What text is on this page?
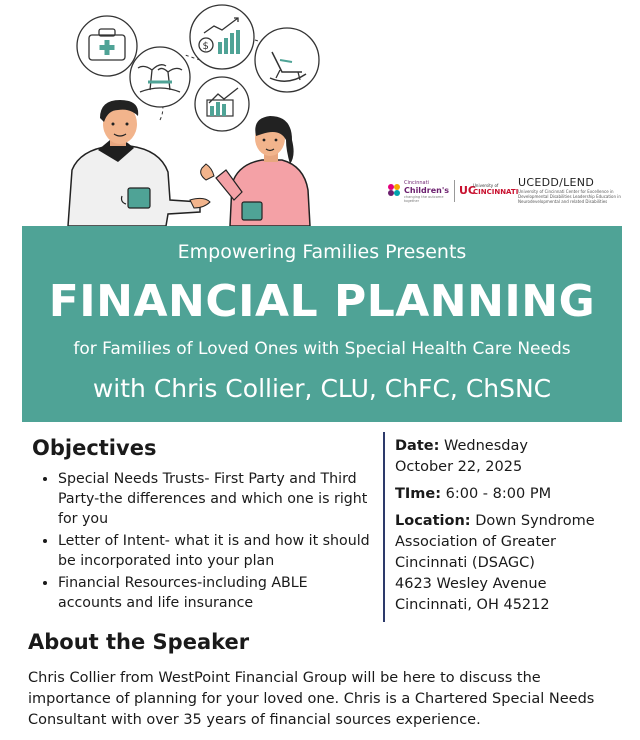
$
Cincinnati
Children's
changing the outcome together
UC
University of
CINCINNATI
UCEDD/LEND
University of Cincinnati Center for Excellence in Developmental Disabilities Leadership Education in Neurodevelopmental and related Disabilities
Empowering Families Presents
FINANCIAL PLANNING
for Families of Loved Ones with Special Health Care Needs
with Chris Collier, CLU, ChFC, ChSNC
Objectives
• Special Needs Trusts- First Party and Third Party-the differences and which one is right for you
• Letter of Intent- what it is and how it should be incorporated into your plan
• Financial Resources-including ABLE accounts and life insurance
Date: Wednesday
October 22, 2025
TIme: 6:00 - 8:00 PM
Location: Down Syndrome
Association of Greater
Cincinnati (DSAGC)
4623 Wesley Avenue
Cincinnati, OH 45212
About the Speaker
Chris Collier from WestPoint Financial Group will be here to discuss the importance of planning for your loved one. Chris is a Chartered Special Needs Consultant with over 35 years of financial sources experience.
